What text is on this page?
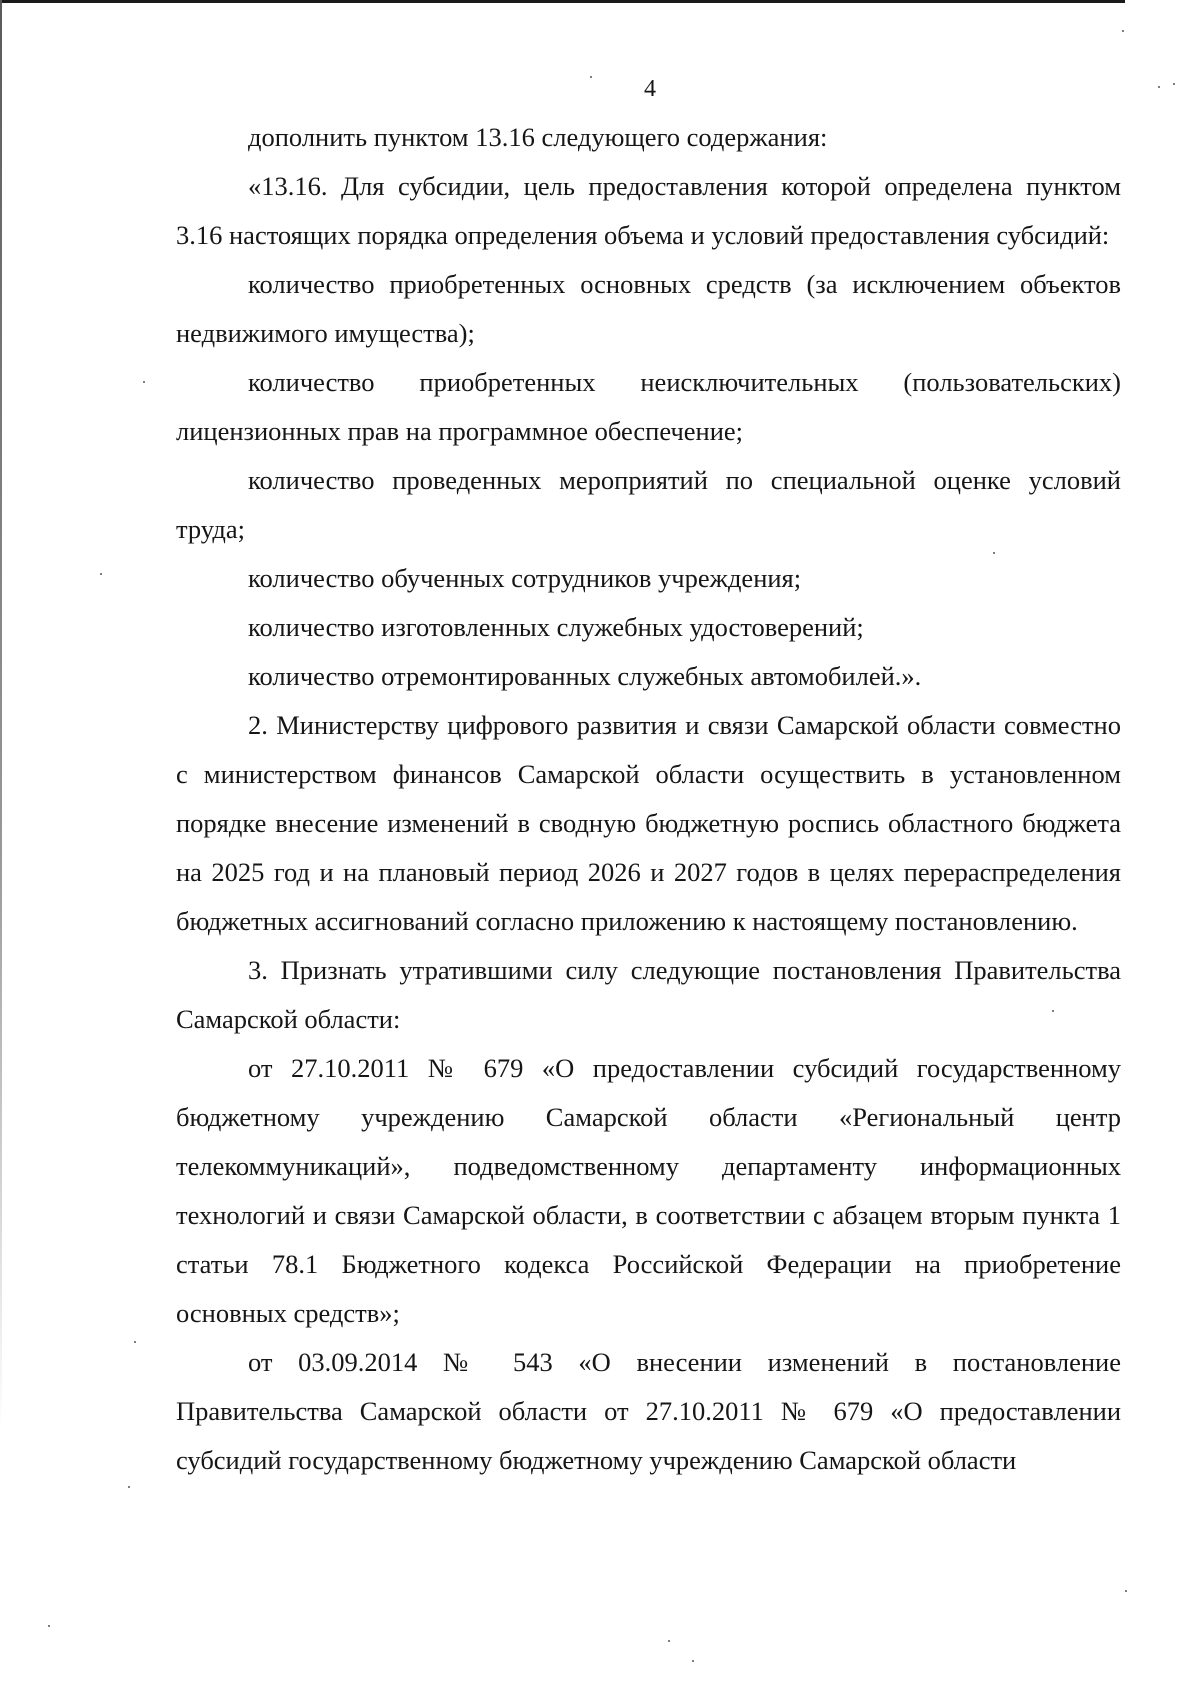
4

дополнить пунктом 13.16 следующего содержания:

«13.16. Для субсидии, цель предоставления которой определена пунктом 3.16 настоящих порядка определения объема и условий предоставления субсидий:

количество приобретенных основных средств (за исключением объектов недвижимого имущества);

количество приобретенных неисключительных (пользовательских) лицензионных прав на программное обеспечение;

количество проведенных мероприятий по специальной оценке условий труда;

количество обученных сотрудников учреждения;

количество изготовленных служебных удостоверений;

количество отремонтированных служебных автомобилей.».

2. Министерству цифрового развития и связи Самарской области совместно с министерством финансов Самарской области осуществить в установленном порядке внесение изменений в сводную бюджетную роспись областного бюджета на 2025 год и на плановый период 2026 и 2027 годов в целях перераспределения бюджетных ассигнований согласно приложению к настоящему постановлению.

3. Признать утратившими силу следующие постановления Правительства Самарской области:

от 27.10.2011 № 679 «О предоставлении субсидий государственному бюджетному учреждению Самарской области «Региональный центр телекоммуникаций», подведомственному департаменту информационных технологий и связи Самарской области, в соответствии с абзацем вторым пункта 1 статьи 78.1 Бюджетного кодекса Российской Федерации на приобретение основных средств»;

от 03.09.2014 № 543 «О внесении изменений в постановление Правительства Самарской области от 27.10.2011 № 679 «О предоставлении субсидий государственному бюджетному учреждению Самарской области
